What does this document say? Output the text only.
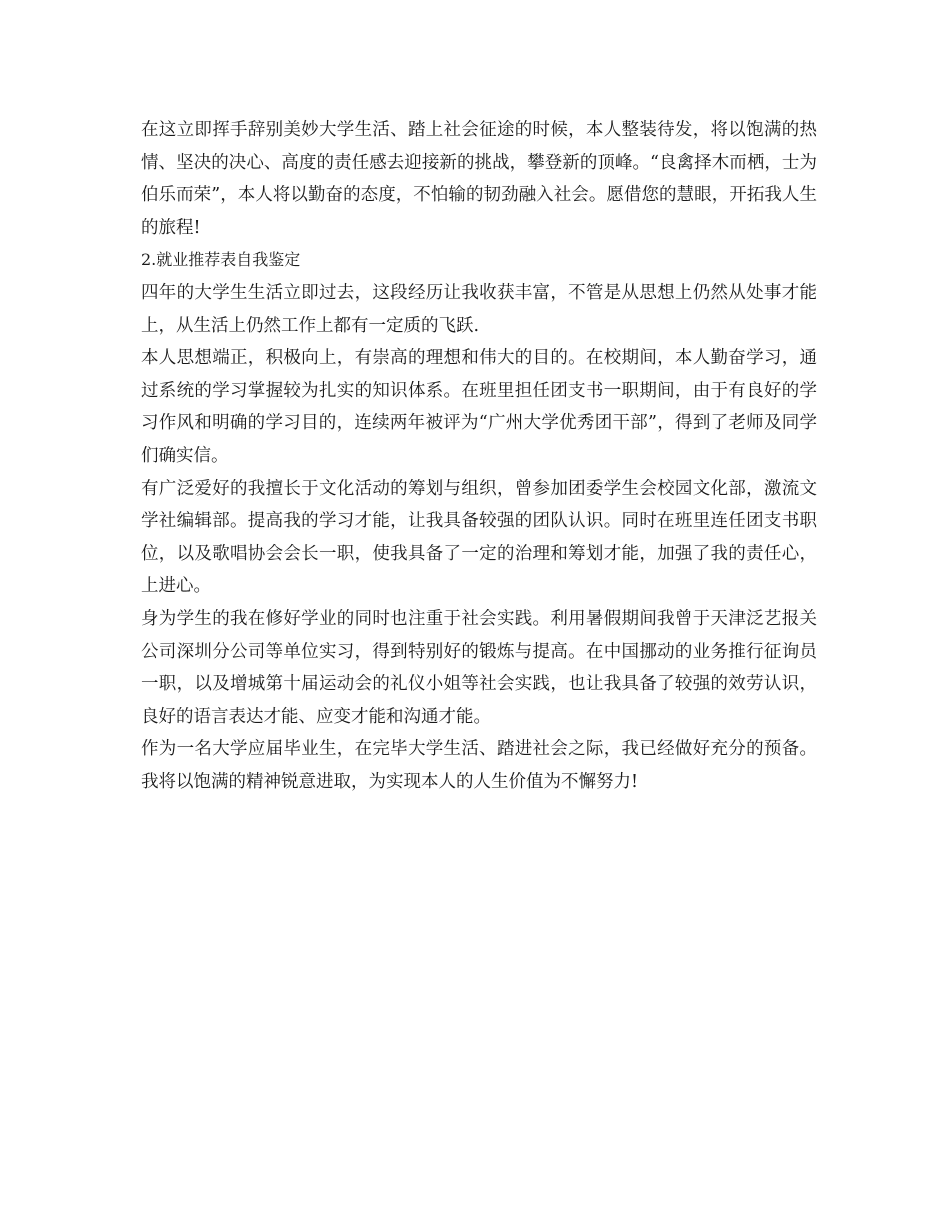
在这立即挥手辞别美妙大学生活、踏上社会征途的时候，本人整装待发，将以饱满的热情、坚决的决心、高度的责任感去迎接新的挑战，攀登新的顶峰。“良禽择木而栖，士为伯乐而荣”，本人将以勤奋的态度，不怕输的韧劲融入社会。愿借您的慧眼，开拓我人生的旅程!

2.就业推荐表自我鉴定

四年的大学生生活立即过去，这段经历让我收获丰富，不管是从思想上仍然从处事才能上，从生活上仍然工作上都有一定质的飞跃.

本人思想端正，积极向上，有崇高的理想和伟大的目的。在校期间，本人勤奋学习，通过系统的学习掌握较为扎实的知识体系。在班里担任团支书一职期间，由于有良好的学习作风和明确的学习目的，连续两年被评为“广州大学优秀团干部”，得到了老师及同学们确实信。

有广泛爱好的我擅长于文化活动的筹划与组织，曾参加团委学生会校园文化部，激流文学社编辑部。提高我的学习才能，让我具备较强的团队认识。同时在班里连任团支书职位，以及歌唱协会会长一职，使我具备了一定的治理和筹划才能，加强了我的责任心，上进心。

身为学生的我在修好学业的同时也注重于社会实践。利用暑假期间我曾于天津泛艺报关公司深圳分公司等单位实习，得到特别好的锻炼与提高。在中国挪动的业务推行征询员一职，以及增城第十届运动会的礼仪小姐等社会实践，也让我具备了较强的效劳认识，良好的语言表达才能、应变才能和沟通才能。

作为一名大学应届毕业生，在完毕大学生活、踏进社会之际，我已经做好充分的预备。我将以饱满的精神锐意进取，为实现本人的人生价值为不懈努力!
